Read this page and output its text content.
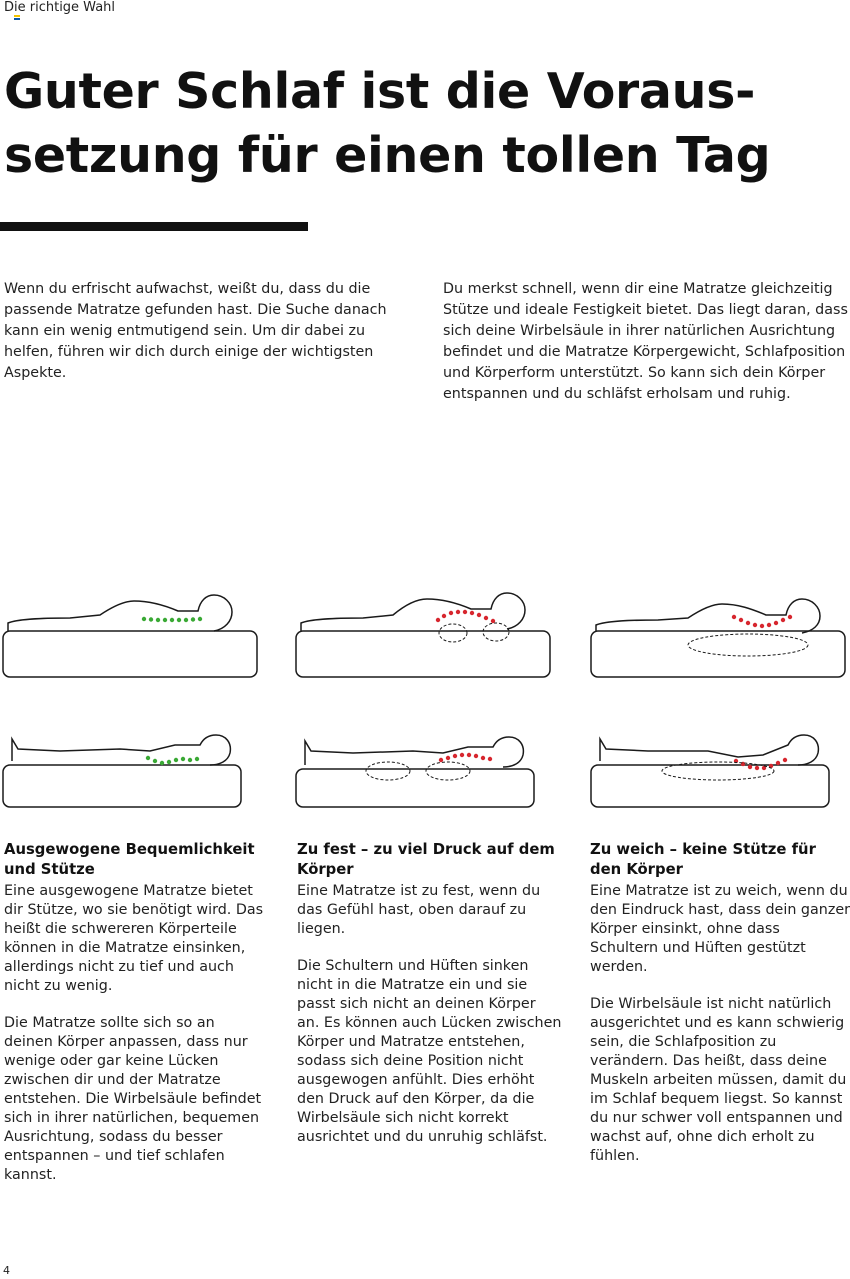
Die richtige Wahl
Guter Schlaf ist die Voraus-
setzung für einen tollen Tag

Wenn du erfrischt aufwachst, weißt du, dass du die passende Matratze gefunden hast. Die Suche danach kann ein wenig entmutigend sein. Um dir dabei zu helfen, führen wir dich durch einige der wichtigsten Aspekte.

Du merkst schnell, wenn dir eine Matratze gleichzeitig Stütze und ideale Festigkeit bietet. Das liegt daran, dass sich deine Wirbelsäule in ihrer natürlichen Ausrichtung befindet und die Matratze Körpergewicht, Schlafposition und Körperform unterstützt. So kann sich dein Körper entspannen und du schläfst erholsam und ruhig.

Ausgewogene Bequemlichkeit und Stütze

Eine ausgewogene Matratze bietet dir Stütze, wo sie benötigt wird. Das heißt die schwereren Körperteile können in die Matratze einsinken, allerdings nicht zu tief und auch nicht zu wenig.

Die Matratze sollte sich so an deinen Körper anpassen, dass nur wenige oder gar keine Lücken zwischen dir und der Matratze entstehen. Die Wirbelsäule befindet sich in ihrer natürlichen, bequemen Ausrichtung, sodass du besser entspannen – und tief schlafen kannst.

Zu fest – zu viel Druck auf dem Körper

Eine Matratze ist zu fest, wenn du das Gefühl hast, oben darauf zu liegen.

Die Schultern und Hüften sinken nicht in die Matratze ein und sie passt sich nicht an deinen Körper an. Es können auch Lücken zwischen Körper und Matratze entstehen, sodass sich deine Position nicht ausgewogen anfühlt. Dies erhöht den Druck auf den Körper, da die Wirbelsäule sich nicht korrekt ausrichtet und du unruhig schläfst.

Zu weich – keine Stütze für den Körper

Eine Matratze ist zu weich, wenn du den Eindruck hast, dass dein ganzer Körper einsinkt, ohne dass Schultern und Hüften gestützt werden.

Die Wirbelsäule ist nicht natürlich ausgerichtet und es kann schwierig sein, die Schlafposition zu verändern. Das heißt, dass deine Muskeln arbeiten müssen, damit du im Schlaf bequem liegst. So kannst du nur schwer voll entspannen und wachst auf, ohne dich erholt zu fühlen.

4
